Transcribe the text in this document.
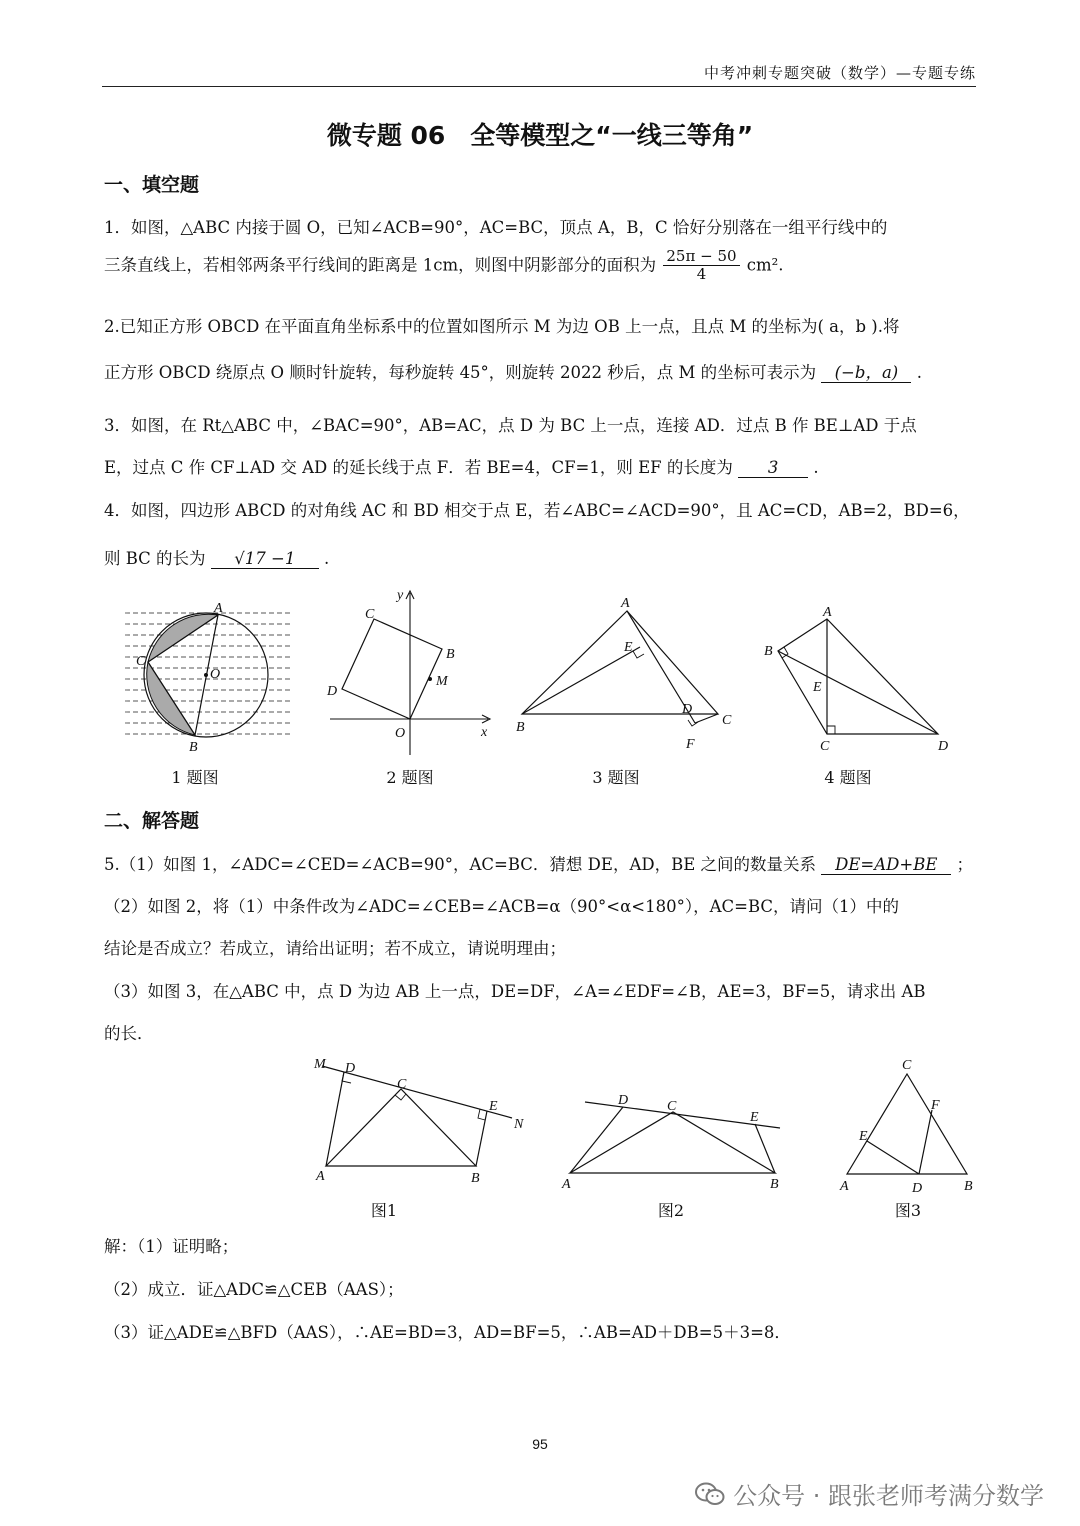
中考冲刺专题突破（数学）—专题专练
微专题 06　全等模型之“一线三等角”
一、填空题
1．如图，△ABC 内接于圆 O，已知∠ACB=90°，AC=BC，顶点 A，B，C 恰好分别落在一组平行线中的
三条直线上，若相邻两条平行线间的距离是 1cm，则图中阴影部分的面积为 $\frac{25\pi - 50}{4} cm^2$.
2.已知正方形 OBCD 在平面直角坐标系中的位置如图所示 M 为边 OB 上一点，且点 M 的坐标为( a，b ).将
正方形 OBCD 绕原点 O 顺时针旋转，每秒旋转 45°，则旋转 2022 秒后，点 M 的坐标可表示为 (−b，a) .
3．如图，在 Rt△ABC 中，∠BAC=90°，AB=AC，点 D 为 BC 上一点，连接 AD．过点 B 作 BE⊥AD 于点
E，过点 C 作 CF⊥AD 交 AD 的延长线于点 F．若 BE=4，CF=1，则 EF 的长度为 3 .
4．如图，四边形 ABCD 的对角线 AC 和 BD 相交于点 E，若∠ABC=∠ACD=90°，且 AC=CD，AB=2，BD=6，
则 BC 的长为 √17 −1 .
A
C
O
B
y
x
O
B
C
D
M
A
E
D
B	C
F
A
B
E
C	D
1 题图	2 题图	3 题图	4 题图
二、解答题
5.（1）如图 1，∠ADC=∠CED=∠ACB=90°，AC=BC．猜想 DE，AD，BE 之间的数量关系 DE=AD+BE ；
（2）如图 2，将（1）中条件改为∠ADC=∠CEB=∠ACB=α（90°<α<180°），AC=BC，请问（1）中的
结论是否成立？若成立，请给出证明；若不成立，请说明理由；
（3）如图 3，在△ABC 中，点 D 为边 AB 上一点，DE=DF，∠A=∠EDF=∠B，AE=3，BF=5，请求出 AB
的长．
M D
C
E
N
A	B
D	C
E
A	B
C
F
E
A	D	B
图1	图2	图3
解：（1）证明略；
（2）成立．证△ADC≌△CEB（AAS）；
（3）证△ADE≌△BFD（AAS），∴AE=BD=3，AD=BF=5，∴AB=AD＋DB=5＋3=8．
95
公众号 · 跟张老师考满分数学
